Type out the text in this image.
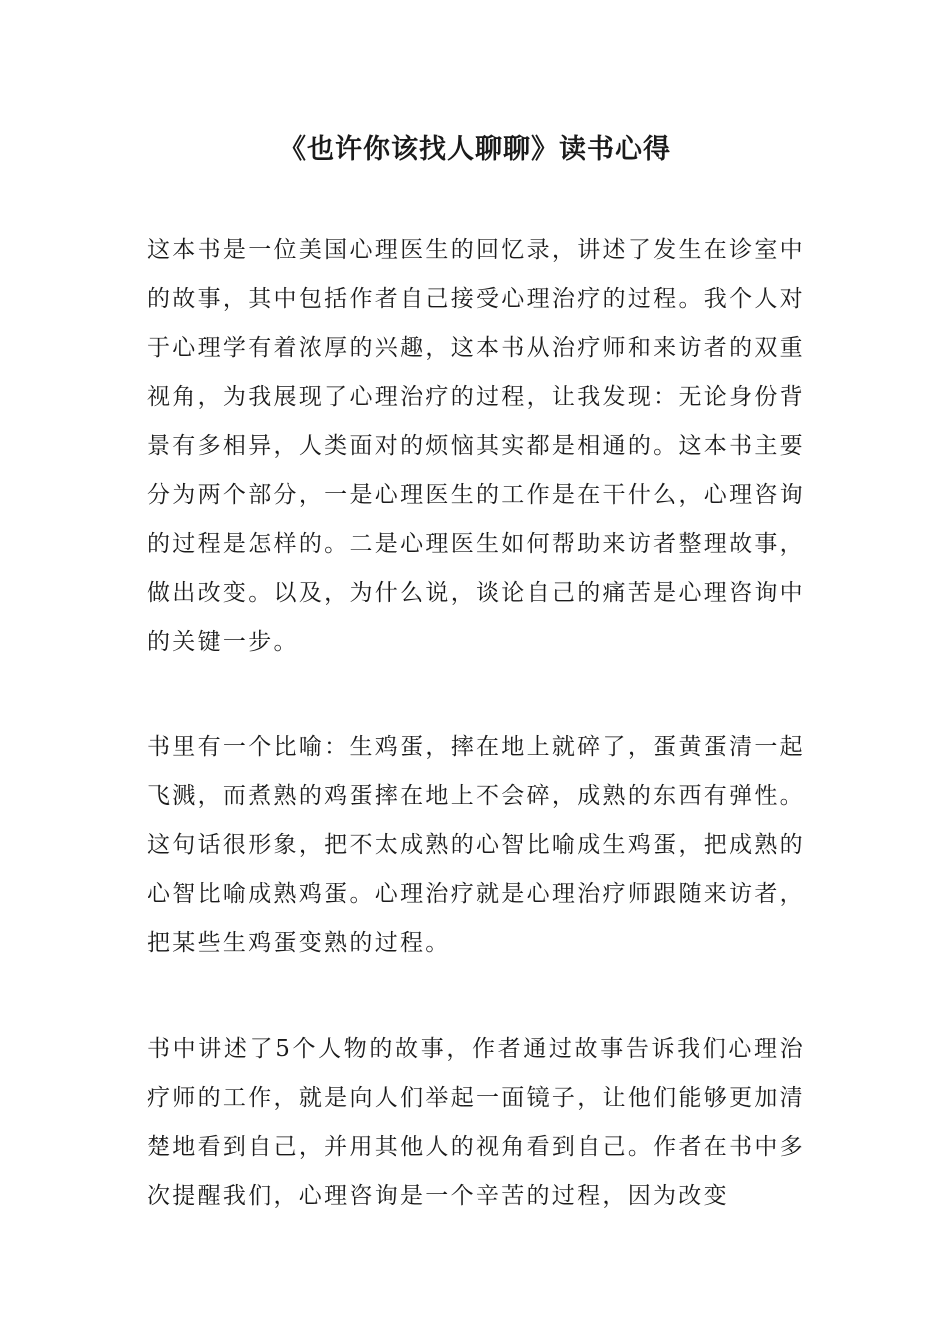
《也许你该找人聊聊》读书心得

这本书是一位美国心理医生的回忆录，讲述了发生在诊室中的故事，其中包括作者自己接受心理治疗的过程。我个人对于心理学有着浓厚的兴趣，这本书从治疗师和来访者的双重视角，为我展现了心理治疗的过程，让我发现：无论身份背景有多相异，人类面对的烦恼其实都是相通的。这本书主要分为两个部分，一是心理医生的工作是在干什么，心理咨询的过程是怎样的。二是心理医生如何帮助来访者整理故事，做出改变。以及，为什么说，谈论自己的痛苦是心理咨询中的关键一步。

书里有一个比喻：生鸡蛋，摔在地上就碎了，蛋黄蛋清一起飞溅，而煮熟的鸡蛋摔在地上不会碎，成熟的东西有弹性。这句话很形象，把不太成熟的心智比喻成生鸡蛋，把成熟的心智比喻成熟鸡蛋。心理治疗就是心理治疗师跟随来访者，把某些生鸡蛋变熟的过程。

书中讲述了5个人物的故事，作者通过故事告诉我们心理治疗师的工作，就是向人们举起一面镜子，让他们能够更加清楚地看到自己，并用其他人的视角看到自己。作者在书中多次提醒我们，心理咨询是一个辛苦的过程，因为改变
